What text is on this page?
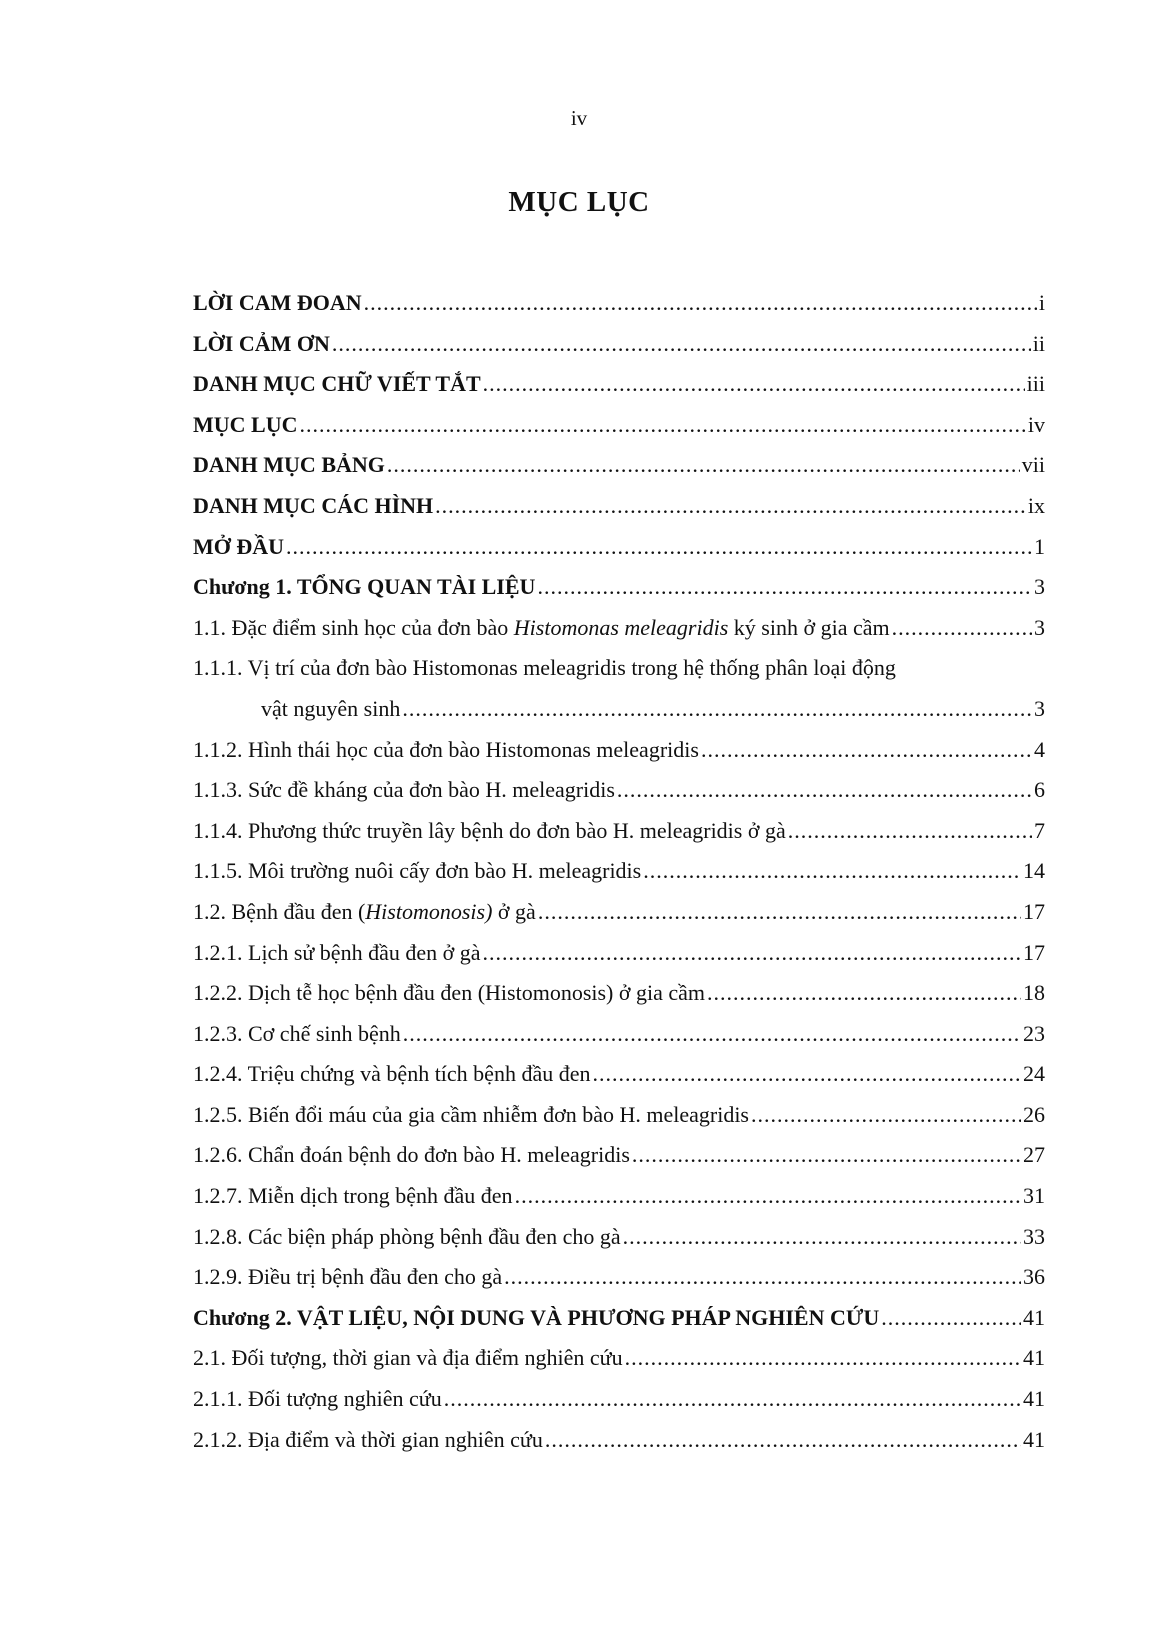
iv
MỤC LỤC
LỜI CAM ĐOAN .....	i
LỜI CẢM ƠN .....	ii
DANH MỤC CHỮ VIẾT TẮT .....	iii
MỤC LỤC .....	iv
DANH MỤC BẢNG .....	vii
DANH MỤC CÁC HÌNH .....	ix
MỞ ĐẦU .....	1
Chương 1. TỔNG QUAN TÀI LIỆU .....	3
1.1. Đặc điểm sinh học của đơn bào Histomonas meleagridis ký sinh ở gia cầm .....	3
1.1.1. Vị trí của đơn bào Histomonas meleagridis trong hệ thống phân loại động
vật nguyên sinh .....	3
1.1.2. Hình thái học của đơn bào Histomonas meleagridis .....	4
1.1.3. Sức đề kháng của đơn bào H. meleagridis .....	6
1.1.4. Phương thức truyền lây bệnh do đơn bào H. meleagridis ở gà .....	7
1.1.5. Môi trường nuôi cấy đơn bào H. meleagridis .....	14
1.2. Bệnh đầu đen (Histomonosis) ở gà .....	17
1.2.1. Lịch sử bệnh đầu đen ở gà .....	17
1.2.2. Dịch tễ học bệnh đầu đen (Histomonosis) ở gia cầm .....	18
1.2.3. Cơ chế sinh bệnh .....	23
1.2.4. Triệu chứng và bệnh tích bệnh đầu đen .....	24
1.2.5. Biến đổi máu của gia cầm nhiễm đơn bào H. meleagridis .....	26
1.2.6. Chẩn đoán bệnh do đơn bào H. meleagridis .....	27
1.2.7. Miễn dịch trong bệnh đầu đen .....	31
1.2.8. Các biện pháp phòng bệnh đầu đen cho gà .....	33
1.2.9. Điều trị bệnh đầu đen cho gà .....	36
Chương 2. VẬT LIỆU, NỘI DUNG VÀ PHƯƠNG PHÁP NGHIÊN CỨU .....	41
2.1. Đối tượng, thời gian và địa điểm nghiên cứu .....	41
2.1.1. Đối tượng nghiên cứu .....	41
2.1.2. Địa điểm và thời gian nghiên cứu .....	41
